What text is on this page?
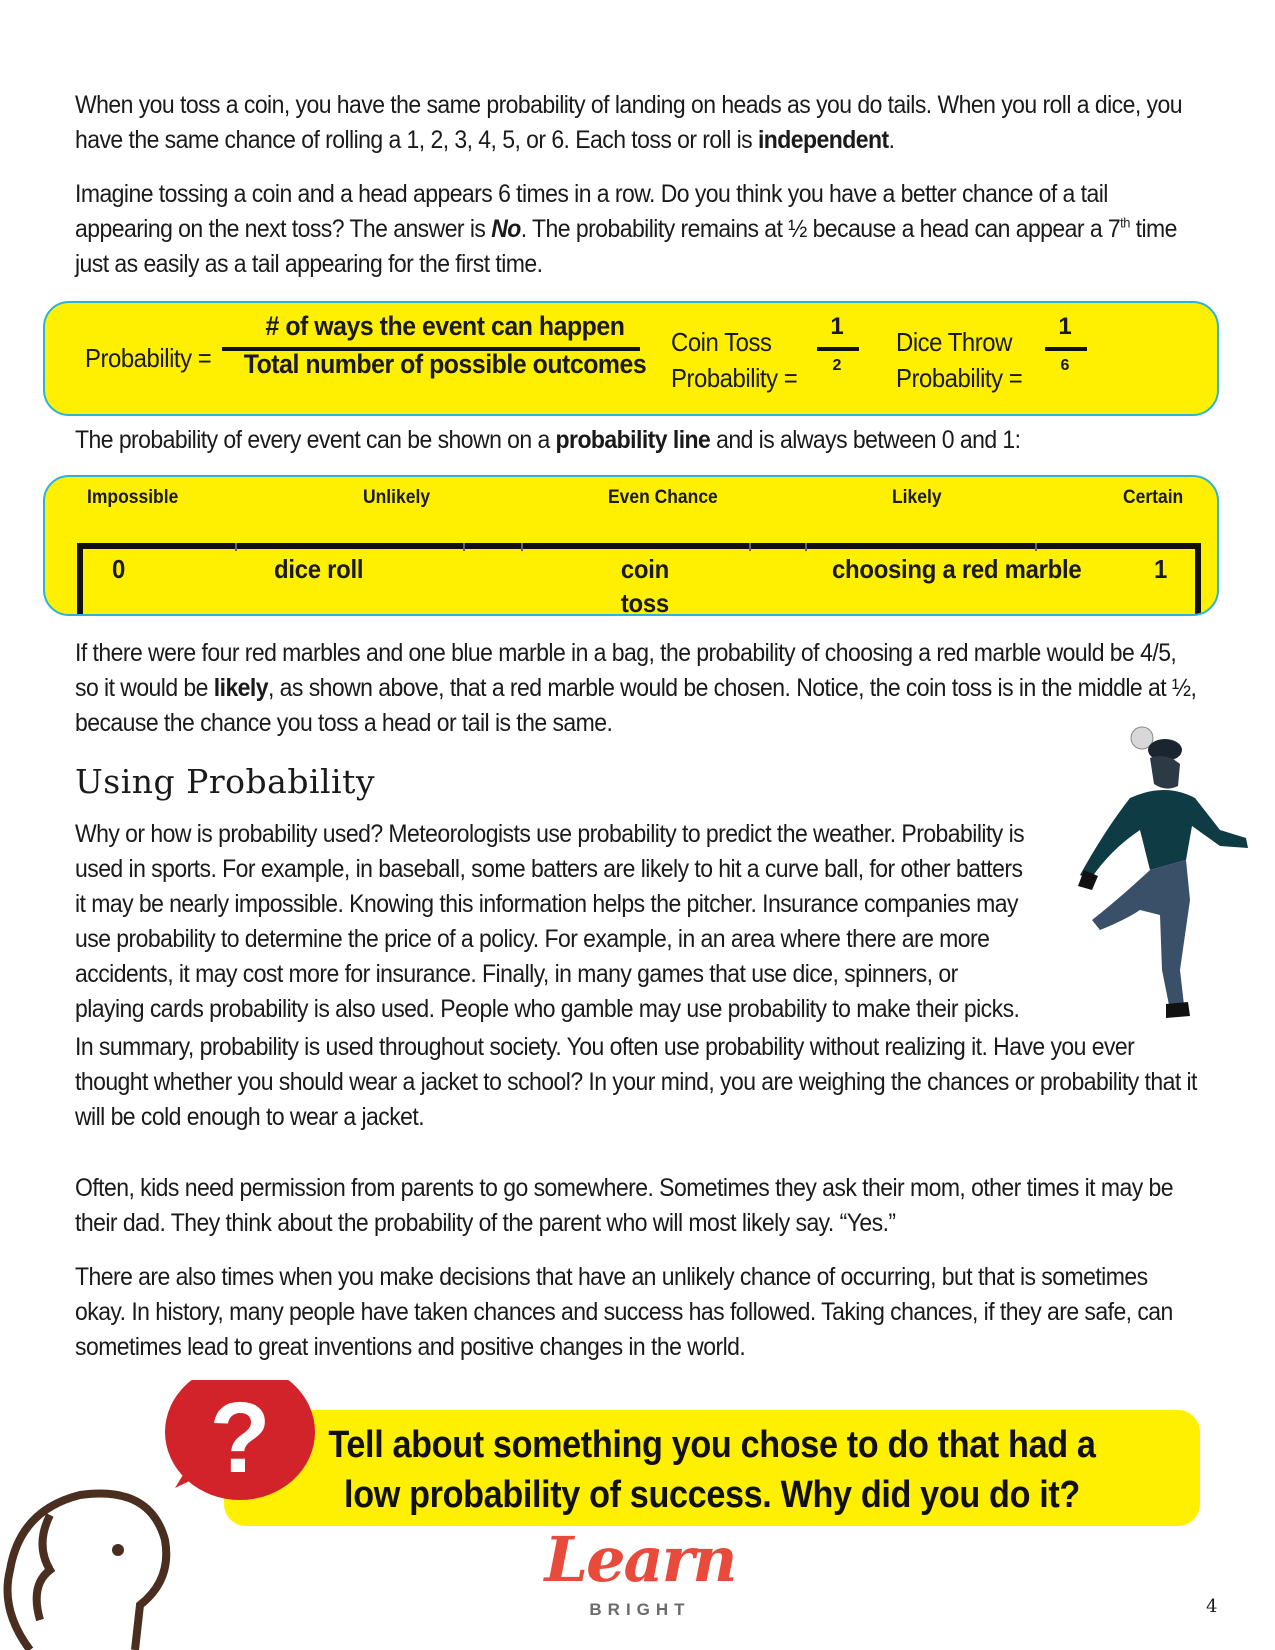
When you toss a coin, you have the same probability of landing on heads as you do tails. When you roll a dice, you have the same chance of rolling a 1, 2, 3, 4, 5, or 6. Each toss or roll is independent.

Imagine tossing a coin and a head appears 6 times in a row. Do you think you have a better chance of a tail appearing on the next toss? The answer is No. The probability remains at ½ because a head can appear a 7th time just as easily as a tail appearing for the first time.

Probability =
# of ways the event can happen
Total number of possible outcomes
Coin Toss
Probability =
1
2
Dice Throw
Probability =
1
6

The probability of every event can be shown on a probability line and is always between 0 and 1:

Impossible	Unlikely	Even Chance	Likely	Certain
0	dice roll	coin toss
choosing a red marble	1

If there were four red marbles and one blue marble in a bag, the probability of choosing a red marble would be 4/5, so it would be likely, as shown above, that a red marble would be chosen. Notice, the coin toss is in the middle at ½, because the chance you toss a head or tail is the same.

Using Probability

Why or how is probability used? Meteorologists use probability to predict the weather. Probability is used in sports. For example, in baseball, some batters are likely to hit a curve ball, for other batters it may be nearly impossible. Knowing this information helps the pitcher. Insurance companies may use probability to determine the price of a policy. For example, in an area where there are more accidents, it may cost more for insurance. Finally, in many games that use dice, spinners, or playing cards probability is also used. People who gamble may use probability to make their picks.

In summary, probability is used throughout society. You often use probability without realizing it. Have you ever thought whether you should wear a jacket to school? In your mind, you are weighing the chances or probability that it will be cold enough to wear a jacket.

Often, kids need permission from parents to go somewhere. Sometimes they ask their mom, other times it may be their dad. They think about the probability of the parent who will most likely say. “Yes.”

There are also times when you make decisions that have an unlikely chance of occurring, but that is sometimes okay. In history, many people have taken chances and success has followed. Taking chances, if they are safe, can sometimes lead to great inventions and positive changes in the world.

Tell about something you chose to do that had a
low probability of success. Why did you do it?
?
Learn
BRIGHT	4
